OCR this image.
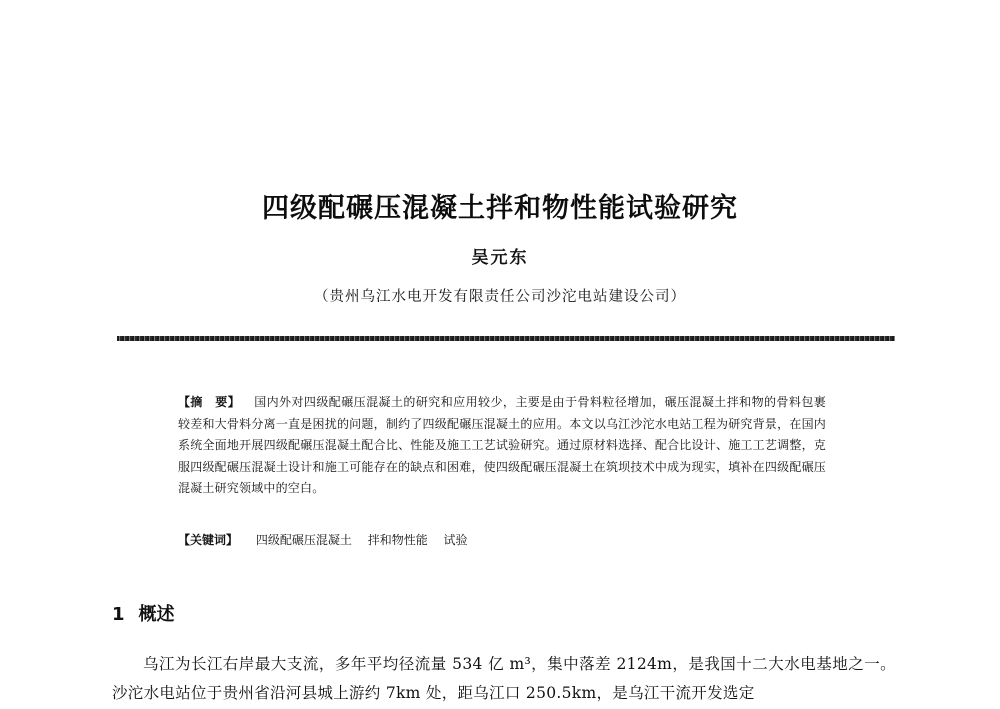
四级配碾压混凝土拌和物性能试验研究
吴元东
（贵州乌江水电开发有限责任公司沙沱电站建设公司）
【摘　要】 国内外对四级配碾压混凝土的研究和应用较少，主要是由于骨料粒径增加，碾压混凝土拌和物的骨料包裹较差和大骨料分离一直是困扰的问题，制约了四级配碾压混凝土的应用。本文以乌江沙沱水电站工程为研究背景，在国内系统全面地开展四级配碾压混凝土配合比、性能及施工工艺试验研究。通过原材料选择、配合比设计、施工工艺调整，克服四级配碾压混凝土设计和施工可能存在的缺点和困难，使四级配碾压混凝土在筑坝技术中成为现实，填补在四级配碾压混凝土研究领域中的空白。
【关键词】 四级配碾压混凝土 拌和物性能 试验
1 概述
乌江为长江右岸最大支流，多年平均径流量 534 亿 m³，集中落差 2124m，是我国十二大水电基地之一。沙沱水电站位于贵州省沿河县城上游约 7km 处，距乌江口 250.5km，是乌江干流开发选定
